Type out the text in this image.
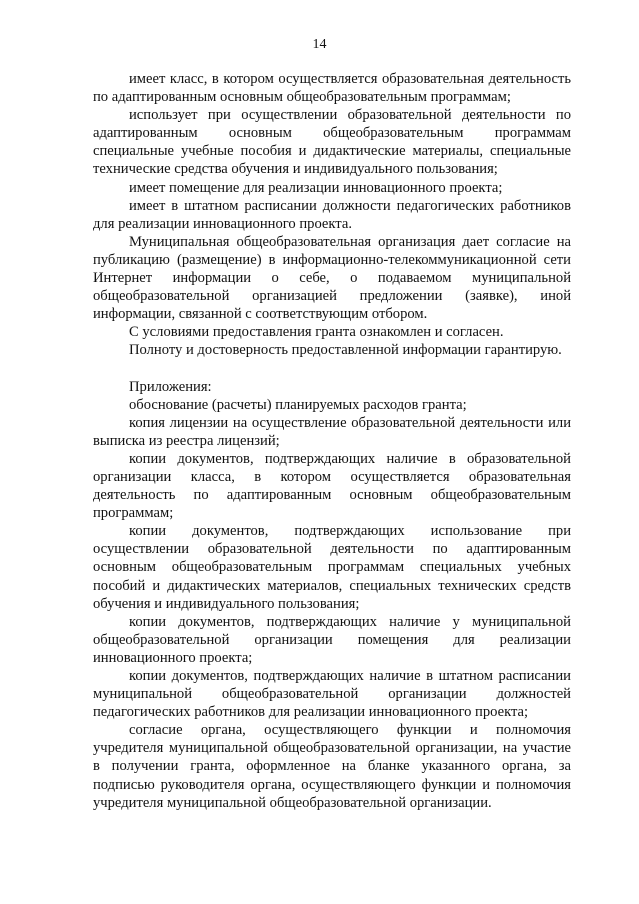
14

имеет класс, в котором осуществляется образовательная деятельность по адаптированным основным общеобразовательным программам;

использует при осуществлении образовательной деятельности по адаптированным основным общеобразовательным программам специальные учебные пособия и дидактические материалы, специальные технические средства обучения и индивидуального пользования;

имеет помещение для реализации инновационного проекта;

имеет в штатном расписании должности педагогических работников для реализации инновационного проекта.

Муниципальная общеобразовательная организация дает согласие на публикацию (размещение) в информационно-телекоммуникационной сети Интернет информации о себе, о подаваемом муниципальной общеобразовательной организацией предложении (заявке), иной информации, связанной с соответствующим отбором.

С условиями предоставления гранта ознакомлен и согласен.

Полноту и достоверность предоставленной информации гарантирую.

Приложения:

обоснование (расчеты) планируемых расходов гранта;

копия лицензии на осуществление образовательной деятельности или выписка из реестра лицензий;

копии документов, подтверждающих наличие в образовательной организации класса, в котором осуществляется образовательная деятельность по адаптированным основным общеобразовательным программам;

копии документов, подтверждающих использование при осуществлении образовательной деятельности по адаптированным основным общеобразовательным программам специальных учебных пособий и дидактических материалов, специальных технических средств обучения и индивидуального пользования;

копии документов, подтверждающих наличие у муниципальной общеобразовательной организации помещения для реализации инновационного проекта;

копии документов, подтверждающих наличие в штатном расписании муниципальной общеобразовательной организации должностей педагогических работников для реализации инновационного проекта;

согласие органа, осуществляющего функции и полномочия учредителя муниципальной общеобразовательной организации, на участие в получении гранта, оформленное на бланке указанного органа, за подписью руководителя органа, осуществляющего функции и полномочия учредителя муниципальной общеобразовательной организации.
